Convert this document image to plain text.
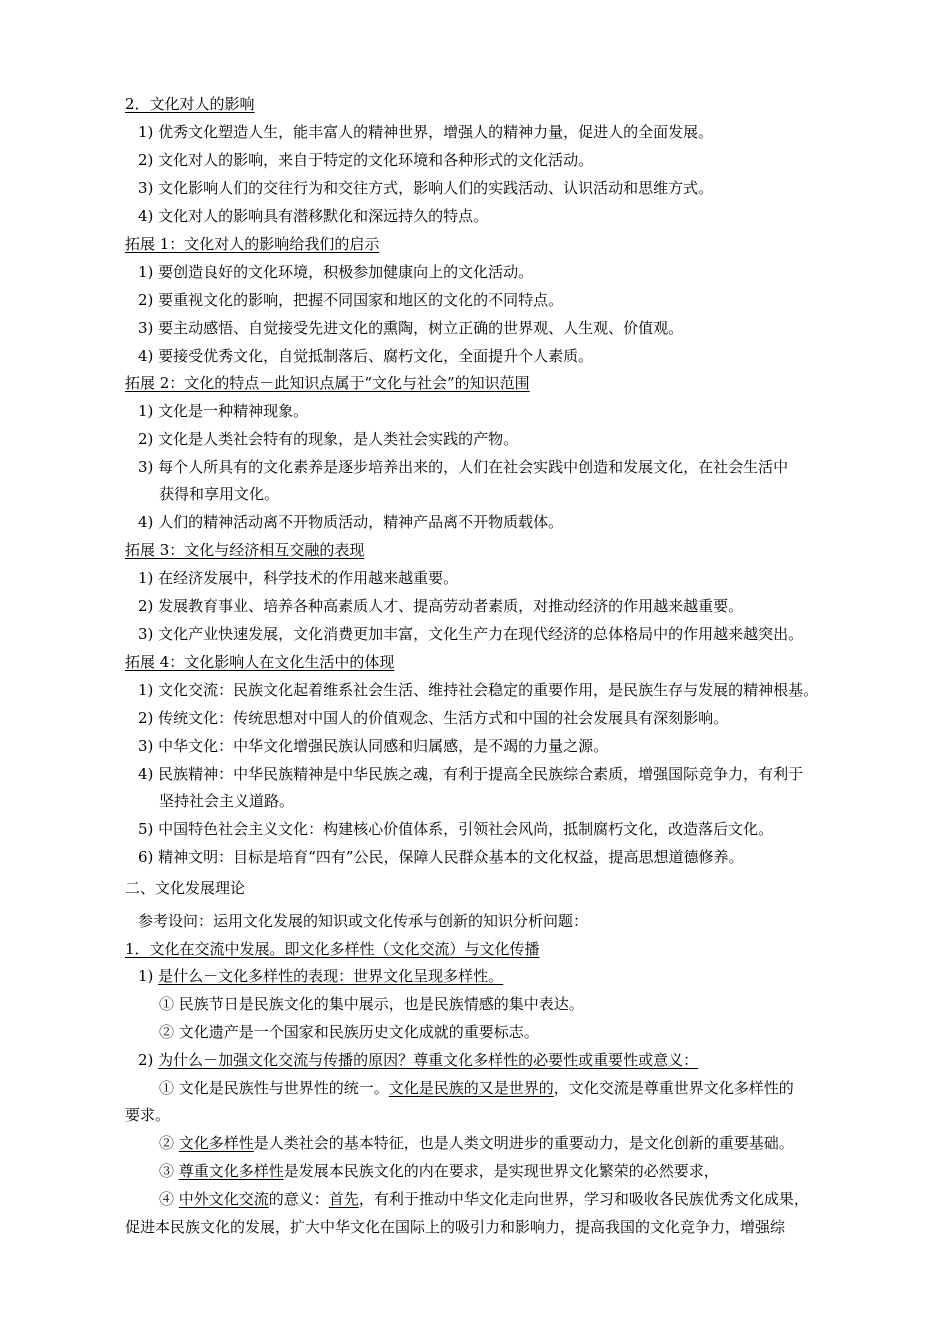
2．文化对人的影响
1) 优秀文化塑造人生，能丰富人的精神世界，增强人的精神力量，促进人的全面发展。
2) 文化对人的影响，来自于特定的文化环境和各种形式的文化活动。
3) 文化影响人们的交往行为和交往方式，影响人们的实践活动、认识活动和思维方式。
4) 文化对人的影响具有潜移默化和深远持久的特点。
拓展 1：文化对人的影响给我们的启示
1) 要创造良好的文化环境，积极参加健康向上的文化活动。
2) 要重视文化的影响，把握不同国家和地区的文化的不同特点。
3) 要主动感悟、自觉接受先进文化的熏陶，树立正确的世界观、人生观、价值观。
4) 要接受优秀文化，自觉抵制落后、腐朽文化，全面提升个人素质。
拓展 2：文化的特点－此知识点属于“文化与社会”的知识范围
1) 文化是一种精神现象。
2) 文化是人类社会特有的现象，是人类社会实践的产物。
3) 每个人所具有的文化素养是逐步培养出来的，人们在社会实践中创造和发展文化，在社会生活中
获得和享用文化。
4) 人们的精神活动离不开物质活动，精神产品离不开物质载体。
拓展 3：文化与经济相互交融的表现
1) 在经济发展中，科学技术的作用越来越重要。
2) 发展教育事业、培养各种高素质人才、提高劳动者素质，对推动经济的作用越来越重要。
3) 文化产业快速发展，文化消费更加丰富，文化生产力在现代经济的总体格局中的作用越来越突出。
拓展 4：文化影响人在文化生活中的体现
1) 文化交流：民族文化起着维系社会生活、维持社会稳定的重要作用，是民族生存与发展的精神根基。
2) 传统文化：传统思想对中国人的价值观念、生活方式和中国的社会发展具有深刻影响。
3) 中华文化：中华文化增强民族认同感和归属感，是不竭的力量之源。
4) 民族精神：中华民族精神是中华民族之魂，有利于提高全民族综合素质，增强国际竞争力，有利于
坚持社会主义道路。
5) 中国特色社会主义文化：构建核心价值体系，引领社会风尚，抵制腐朽文化，改造落后文化。
6) 精神文明：目标是培育“四有”公民，保障人民群众基本的文化权益，提高思想道德修养。
二、文化发展理论
参考设问：运用文化发展的知识或文化传承与创新的知识分析问题：
1．文化在交流中发展。即文化多样性（文化交流）与文化传播
1) 是什么－文化多样性的表现：世界文化呈现多样性。
① 民族节日是民族文化的集中展示，也是民族情感的集中表达。
② 文化遗产是一个国家和民族历史文化成就的重要标志。
2) 为什么－加强文化交流与传播的原因？尊重文化多样性的必要性或重要性或意义：
① 文化是民族性与世界性的统一。文化是民族的又是世界的，文化交流是尊重世界文化多样性的
要求。
② 文化多样性是人类社会的基本特征，也是人类文明进步的重要动力，是文化创新的重要基础。
③ 尊重文化多样性是发展本民族文化的内在要求，是实现世界文化繁荣的必然要求，
④ 中外文化交流的意义：首先，有利于推动中华文化走向世界，学习和吸收各民族优秀文化成果，
促进本民族文化的发展，扩大中华文化在国际上的吸引力和影响力，提高我国的文化竞争力，增强综
